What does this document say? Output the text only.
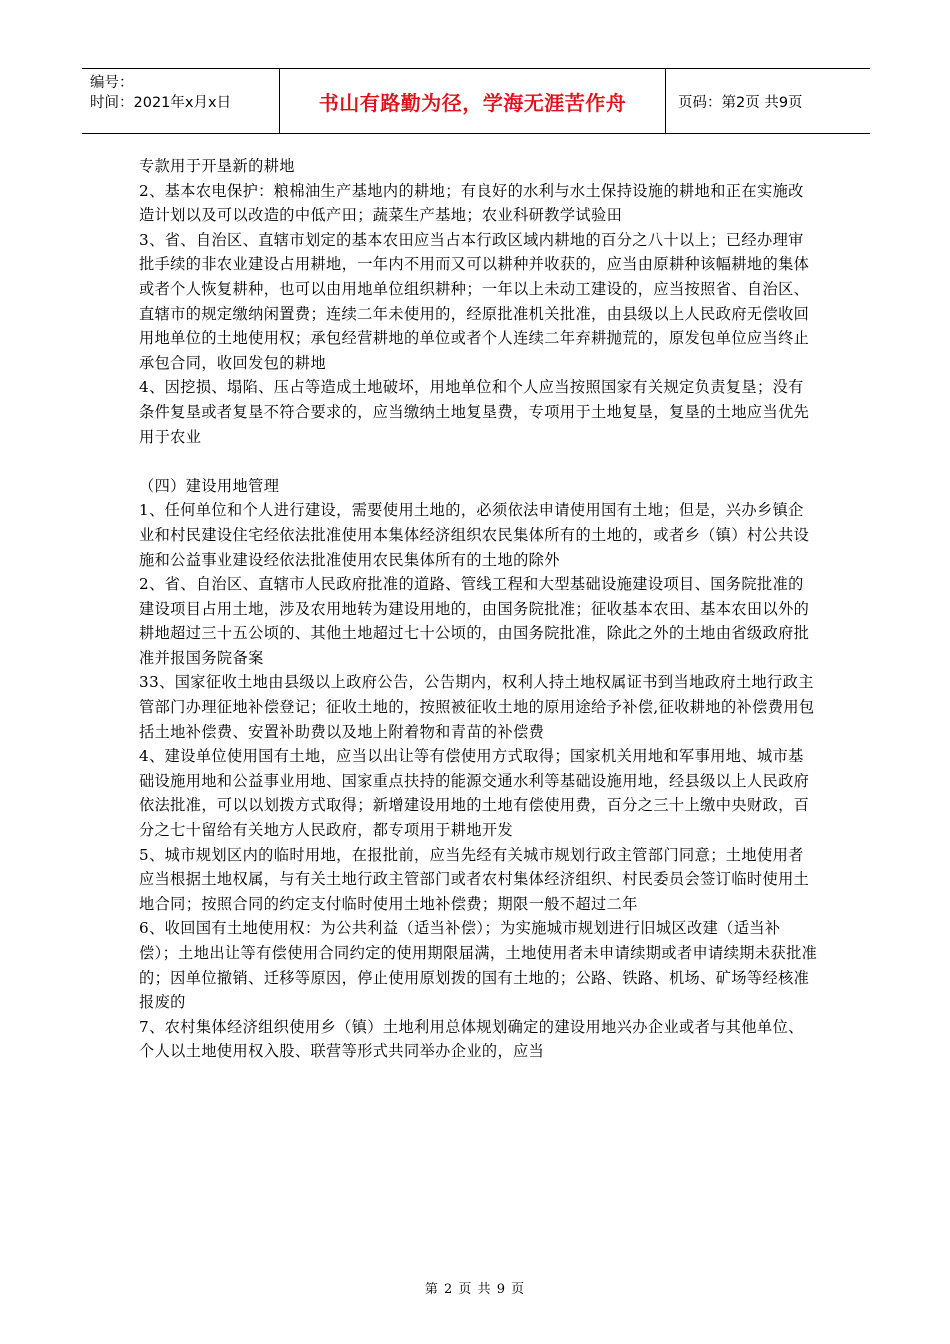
编号：
时间：2021年x月x日	书山有路勤为径，学海无涯苦作舟	页码：第2页 共9页

专款用于开垦新的耕地

2、基本农电保护：粮棉油生产基地内的耕地；有良好的水利与水土保持设施的耕地和正在实施改造计划以及可以改造的中低产田；蔬菜生产基地；农业科研教学试验田

3、省、自治区、直辖市划定的基本农田应当占本行政区域内耕地的百分之八十以上；已经办理审批手续的非农业建设占用耕地，一年内不用而又可以耕种并收获的，应当由原耕种该幅耕地的集体或者个人恢复耕种，也可以由用地单位组织耕种；一年以上未动工建设的，应当按照省、自治区、直辖市的规定缴纳闲置费；连续二年未使用的，经原批准机关批准，由县级以上人民政府无偿收回用地单位的土地使用权；承包经营耕地的单位或者个人连续二年弃耕抛荒的，原发包单位应当终止承包合同，收回发包的耕地

4、因挖损、塌陷、压占等造成土地破坏，用地单位和个人应当按照国家有关规定负责复垦；没有条件复垦或者复垦不符合要求的，应当缴纳土地复垦费，专项用于土地复垦，复垦的土地应当优先用于农业

（四）建设用地管理

1、任何单位和个人进行建设，需要使用土地的，必须依法申请使用国有土地；但是，兴办乡镇企业和村民建设住宅经依法批准使用本集体经济组织农民集体所有的土地的，或者乡（镇）村公共设施和公益事业建设经依法批准使用农民集体所有的土地的除外

2、省、自治区、直辖市人民政府批准的道路、管线工程和大型基础设施建设项目、国务院批准的建设项目占用土地，涉及农用地转为建设用地的，由国务院批准；征收基本农田、基本农田以外的耕地超过三十五公顷的、其他土地超过七十公顷的，由国务院批准，除此之外的土地由省级政府批准并报国务院备案

33、国家征收土地由县级以上政府公告，公告期内，权利人持土地权属证书到当地政府土地行政主管部门办理征地补偿登记；征收土地的，按照被征收土地的原用途给予补偿,征收耕地的补偿费用包括土地补偿费、安置补助费以及地上附着物和青苗的补偿费

4、建设单位使用国有土地，应当以出让等有偿使用方式取得；国家机关用地和军事用地、城市基础设施用地和公益事业用地、国家重点扶持的能源交通水利等基础设施用地，经县级以上人民政府依法批准，可以以划拨方式取得；新增建设用地的土地有偿使用费，百分之三十上缴中央财政，百分之七十留给有关地方人民政府，都专项用于耕地开发

5、城市规划区内的临时用地，在报批前，应当先经有关城市规划行政主管部门同意；土地使用者应当根据土地权属，与有关土地行政主管部门或者农村集体经济组织、村民委员会签订临时使用土地合同；按照合同的约定支付临时使用土地补偿费；期限一般不超过二年

6、收回国有土地使用权：为公共利益（适当补偿）；为实施城市规划进行旧城区改建（适当补偿）；土地出让等有偿使用合同约定的使用期限届满，土地使用者未申请续期或者申请续期未获批准的；因单位撤销、迁移等原因，停止使用原划拨的国有土地的；公路、铁路、机场、矿场等经核准报废的

7、农村集体经济组织使用乡（镇）土地利用总体规划确定的建设用地兴办企业或者与其他单位、个人以土地使用权入股、联营等形式共同举办企业的，应当

第 2 页 共 9 页
